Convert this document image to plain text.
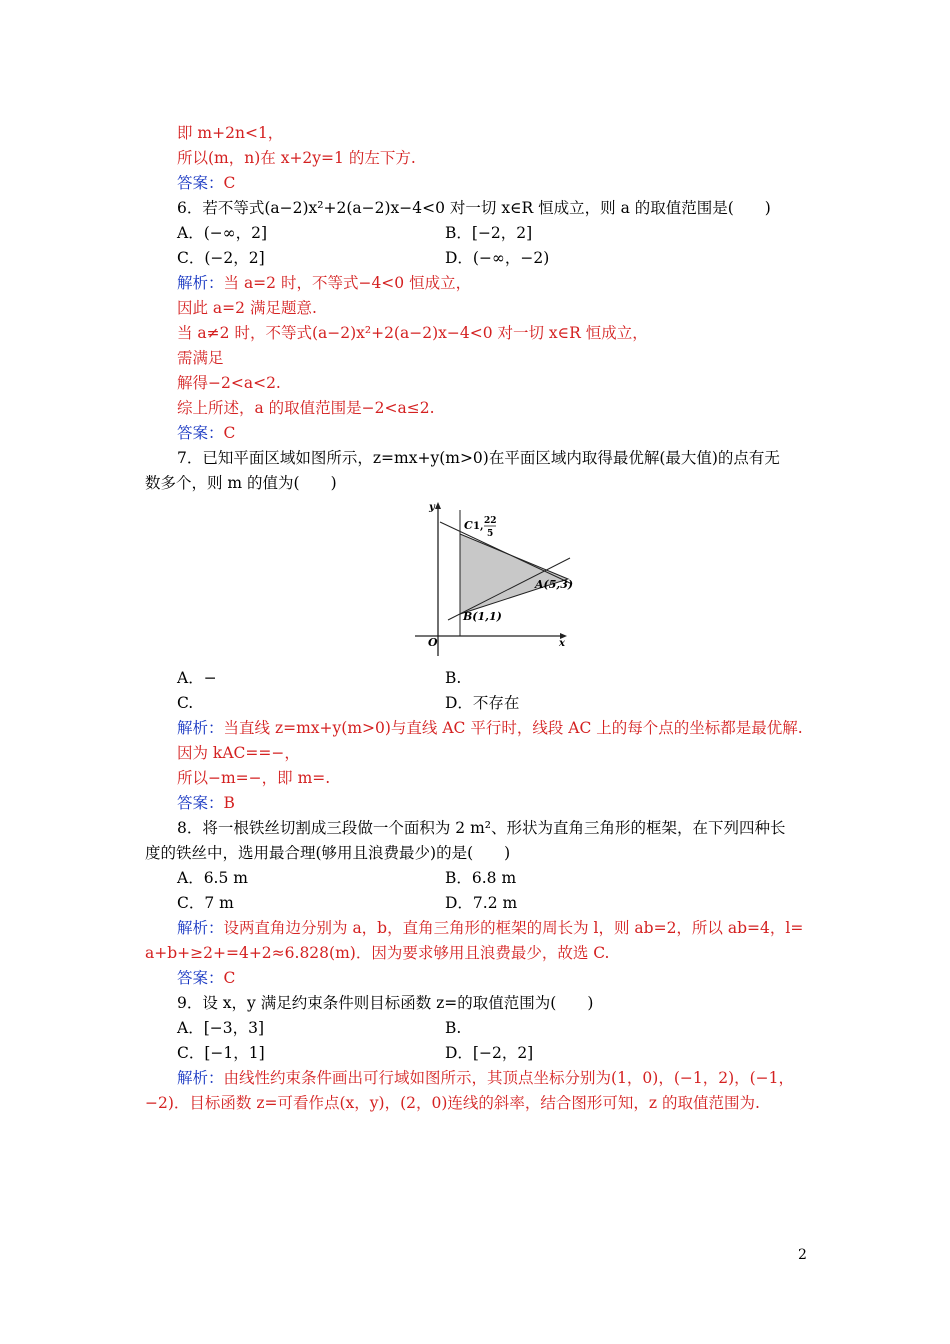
即 m+2n<1，
所以(m，n)在 x+2y=1 的左下方.
答案：C
6．若不等式(a−2)x²+2(a−2)x−4<0 对一切 x∈R 恒成立，则 a 的取值范围是(　　)
A．(−∞，2]	B．[−2，2]
C．(−2，2]	D．(−∞，−2)
解析：当 a=2 时，不等式−4<0 恒成立，
因此 a=2 满足题意.
当 a≠2 时，不等式(a−2)x²+2(a−2)x−4<0 对一切 x∈R 恒成立，
需满足
解得−2<a<2.
综上所述，a 的取值范围是−2<a≤2.
答案：C
7．已知平面区域如图所示，z=mx+y(m>0)在平面区域内取得最优解(最大值)的点有无
数多个，则 m 的值为(　　)
C 1, 22
5
A(5,3)
B(1,1)
O	x
y
A．−	B.
C.	D．不存在
解析：当直线 z=mx+y(m>0)与直线 AC 平行时，线段 AC 上的每个点的坐标都是最优解.
因为 kAC==−，
所以−m=−，即 m=.
答案：B
8．将一根铁丝切割成三段做一个面积为 2 m²、形状为直角三角形的框架，在下列四种长
度的铁丝中，选用最合理(够用且浪费最少)的是(　　)
A．6.5 m	B．6.8 m
C．7 m	D．7.2 m
解析：设两直角边分别为 a，b，直角三角形的框架的周长为 l，则 ab=2，所以 ab=4，l=
a+b+≥2+=4+2≈6.828(m)．因为要求够用且浪费最少，故选 C.
答案：C
9．设 x，y 满足约束条件则目标函数 z=的取值范围为(　　)
A．[−3，3]	B.
C．[−1，1]	D．[−2，2]
解析：由线性约束条件画出可行域如图所示，其顶点坐标分别为(1，0)，(−1，2)，(−1，
−2)．目标函数 z=可看作点(x，y)，(2，0)连线的斜率，结合图形可知，z 的取值范围为.
2
